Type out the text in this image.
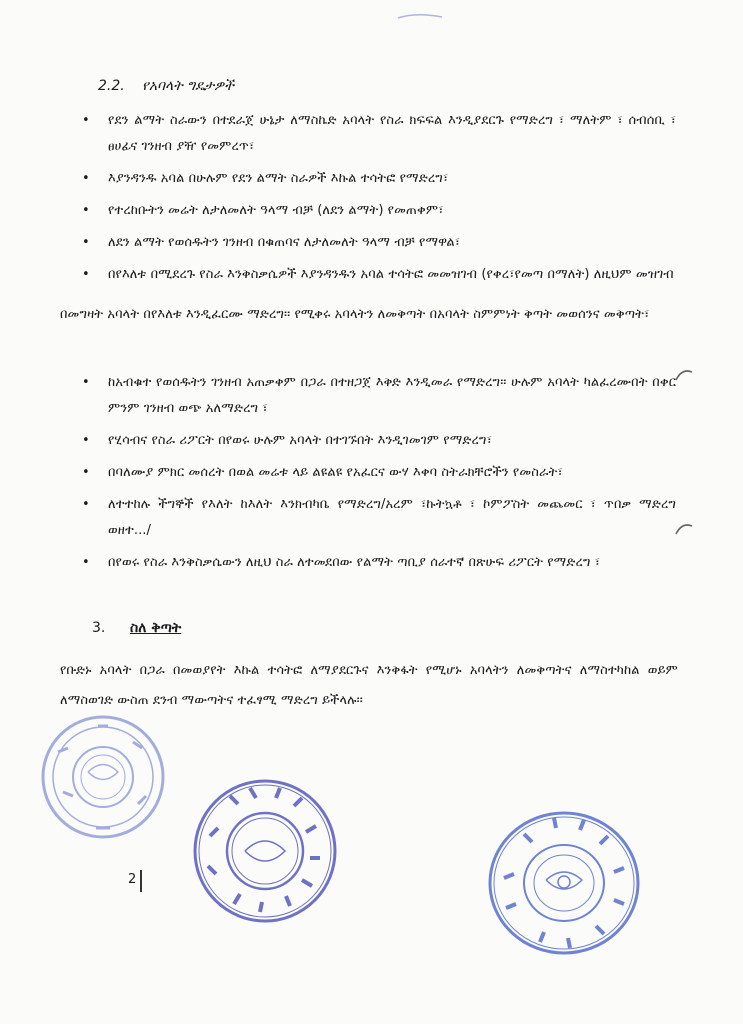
2.2. የአባላት ግዴታዎች
• የደን ልማት ስራውን በተደራጀ ሁኔታ ለማስኬድ አባላት የስራ ክፍፍል እንዲያደርጉ የማድረግ ፣ ማለትም ፣ ሰብሰቢ ፣ ፀሀፊና ገንዘብ ያዥ የመምረጥ፣
• እያንዳንዱ አባል በሁሉም የደን ልማት ስራዎች እኩል ተሳትፎ የማድረግ፣
• የተረከቡትን መሬት ለታለመለት ዓላማ ብቻ (ለደን ልማት) የመጠቀም፣
• ለደን ልማት የወሰዱትን ገንዘብ በቁጠባና ለታለመለት ዓላማ ብቻ የማዋል፣
• በየእለቱ በሚደረጉ የስራ እንቅስቃሴዎች እያንዳንዱን አባል ተሳትፎ መመዝገብ (የቀረ፣የመጣ በማለት) ለዚህም መዝገብ
በመግዛት አባላት በየእለቱ እንዲፈርሙ ማድረግ፡፡ የሚቀሩ አባላትን ለመቅጣት በአባላት ስምምነት ቅጣት መወሰንና መቅጣት፣
• ከአብቁተ የወሰዱትን ገንዘብ አጠቃቀም በጋራ በተዘጋጀ እቅድ እንዲመራ የማድረግ፡፡ ሁሉም አባላት ካልፈረሙበት በቀር ምንም ገንዘብ ወጭ አለማድረግ ፣
• የሂሳብና የስራ ሪፖርት በየወሩ ሁሉም አባላት በተገኙበት እንዲገመገም የማድረግ፣
• በባለሙያ ምክር መሰረት በወል መሬቱ ላይ ልዩልዩ የአፈርና ውሃ እቀባ ስትራክቸሮችን የመስራት፣
• ለተተከሉ ችግኞች የእለት ከእለት እንክብካቤ የማድረግ/አረም ፣ኩትኳቶ ፣ ኮምፖስት መጨመር ፣ ጥበቃ ማድረግ ወዘተ.../
• በየወሩ የስራ እንቅስቃሴውን ለዚህ ስራ ለተመደበው የልማት ጣቢያ ሰራተኛ በጽሁፍ ሪፖርት የማድረግ ፣
3. ስለ ቅጣት
የቡድኑ አባላት በጋራ በመወያየት እኩል ተሳትፎ ለማያደርጉና እንቅፋት የሚሆኑ አባላትን ለመቅጣትና ለማስተካከል ወይም ለማስወገድ ውስጠ ደንብ ማውጣትና ተፈፃሚ ማድረግ ይችላሉ፡፡
2
